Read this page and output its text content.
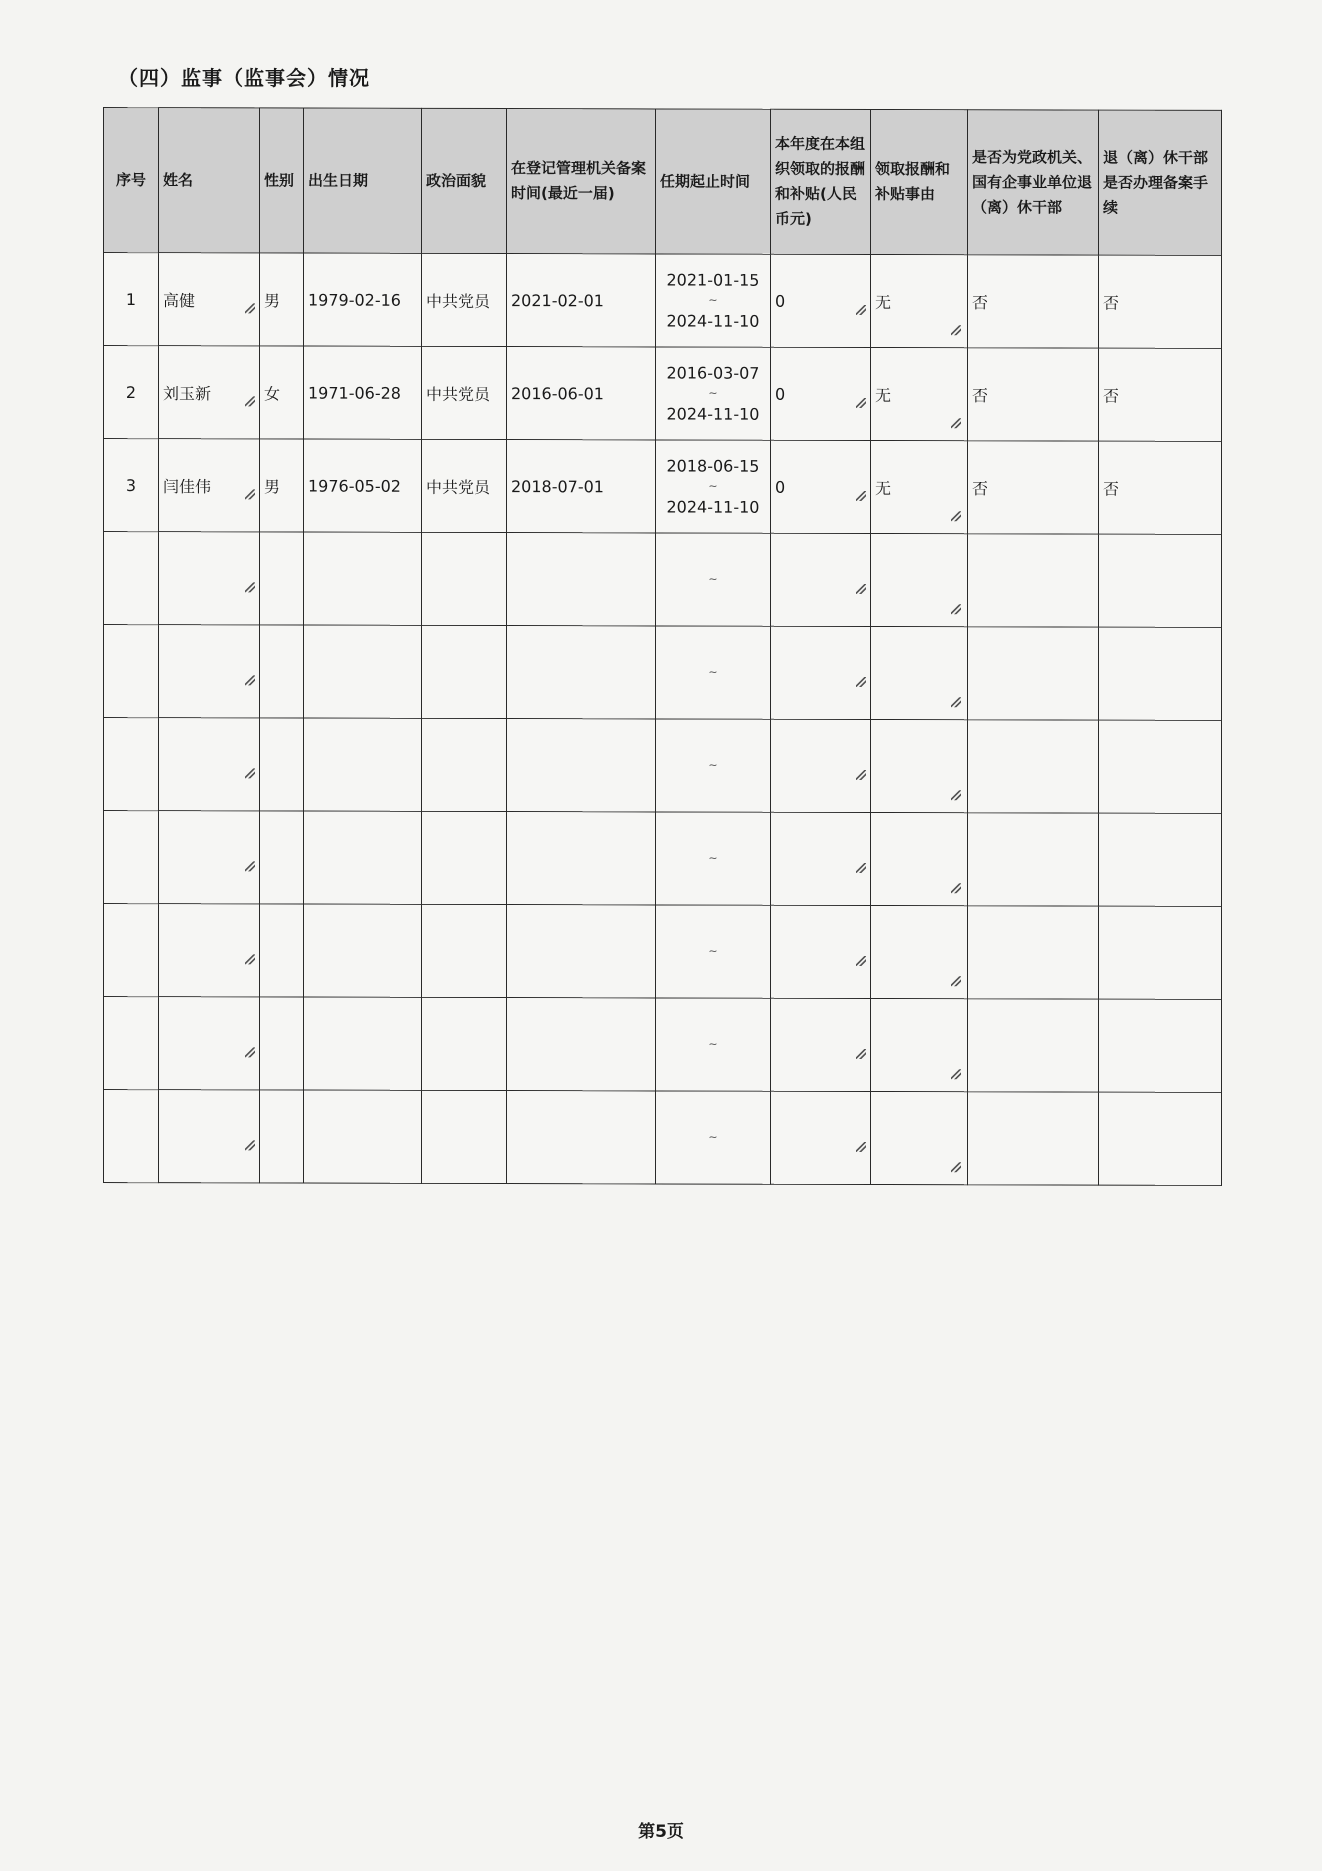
（四）监事（监事会）情况
序号	姓名	性别	出生日期	政治面貌	在登记管理机关备案时间(最近一届)	任期起止时间	本年度在本组织领取的报酬和补贴(人民币元)	领取报酬和补贴事由	是否为党政机关、国有企事业单位退（离）休干部	退（离）休干部是否办理备案手续
1	高健	男	1979-02-16	中共党员	2021-02-01	2021-01-15
~
2024-11-10	0	无	否	否
2	刘玉新	女	1971-06-28	中共党员	2016-06-01	2016-03-07
~
2024-11-10	0	无	否	否
3	闫佳伟	男	1976-05-02	中共党员	2018-07-01	2018-06-15
~
2024-11-10	0	无	否	否

						~				

						~				

						~				

						~				

						~				

						~				

						~				

第5页
